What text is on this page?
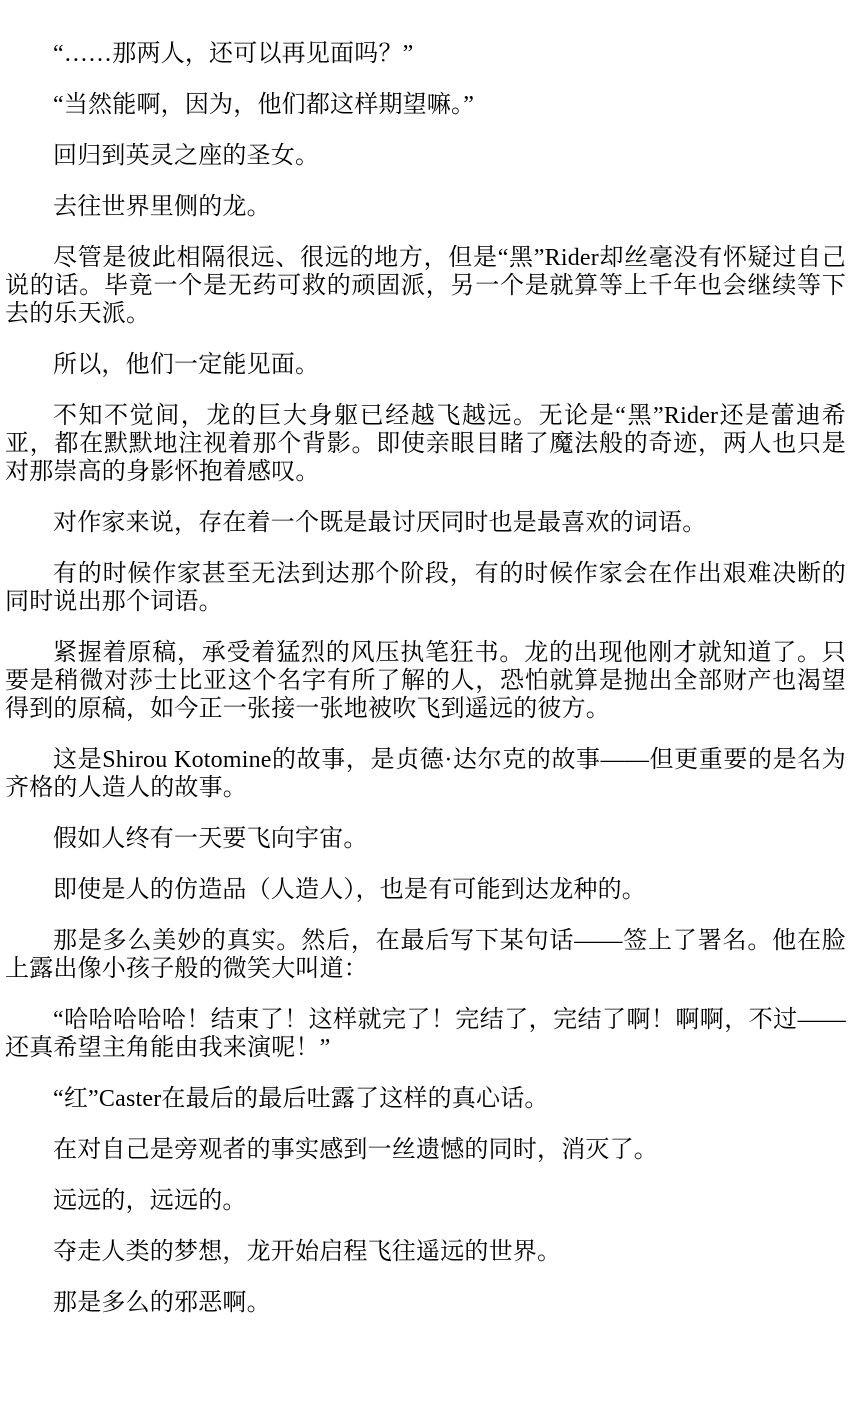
“……那两人，还可以再见面吗？”

“当然能啊，因为，他们都这样期望嘛。”

回归到英灵之座的圣女。

去往世界里侧的龙。

尽管是彼此相隔很远、很远的地方，但是“黑”Rider却丝毫没有怀疑过自己说的话。毕竟一个是无药可救的顽固派，另一个是就算等上千年也会继续等下去的乐天派。

所以，他们一定能见面。

不知不觉间，龙的巨大身躯已经越飞越远。无论是“黑”Rider还是蕾迪希亚，都在默默地注视着那个背影。即使亲眼目睹了魔法般的奇迹，两人也只是对那崇高的身影怀抱着感叹。

对作家来说，存在着一个既是最讨厌同时也是最喜欢的词语。

有的时候作家甚至无法到达那个阶段，有的时候作家会在作出艰难决断的同时说出那个词语。

紧握着原稿，承受着猛烈的风压执笔狂书。龙的出现他刚才就知道了。只要是稍微对莎士比亚这个名字有所了解的人，恐怕就算是抛出全部财产也渴望得到的原稿，如今正一张接一张地被吹飞到遥远的彼方。

这是Shirou Kotomine的故事，是贞德·达尔克的故事——但更重要的是名为齐格的人造人的故事。

假如人终有一天要飞向宇宙。

即使是人的仿造品（人造人），也是有可能到达龙种的。

那是多么美妙的真实。然后，在最后写下某句话——签上了署名。他在脸上露出像小孩子般的微笑大叫道：

“哈哈哈哈哈！结束了！这样就完了！完结了，完结了啊！啊啊，不过——还真希望主角能由我来演呢！”

“红”Caster在最后的最后吐露了这样的真心话。

在对自己是旁观者的事实感到一丝遗憾的同时，消灭了。

远远的，远远的。

夺走人类的梦想，龙开始启程飞往遥远的世界。

那是多么的邪恶啊。
